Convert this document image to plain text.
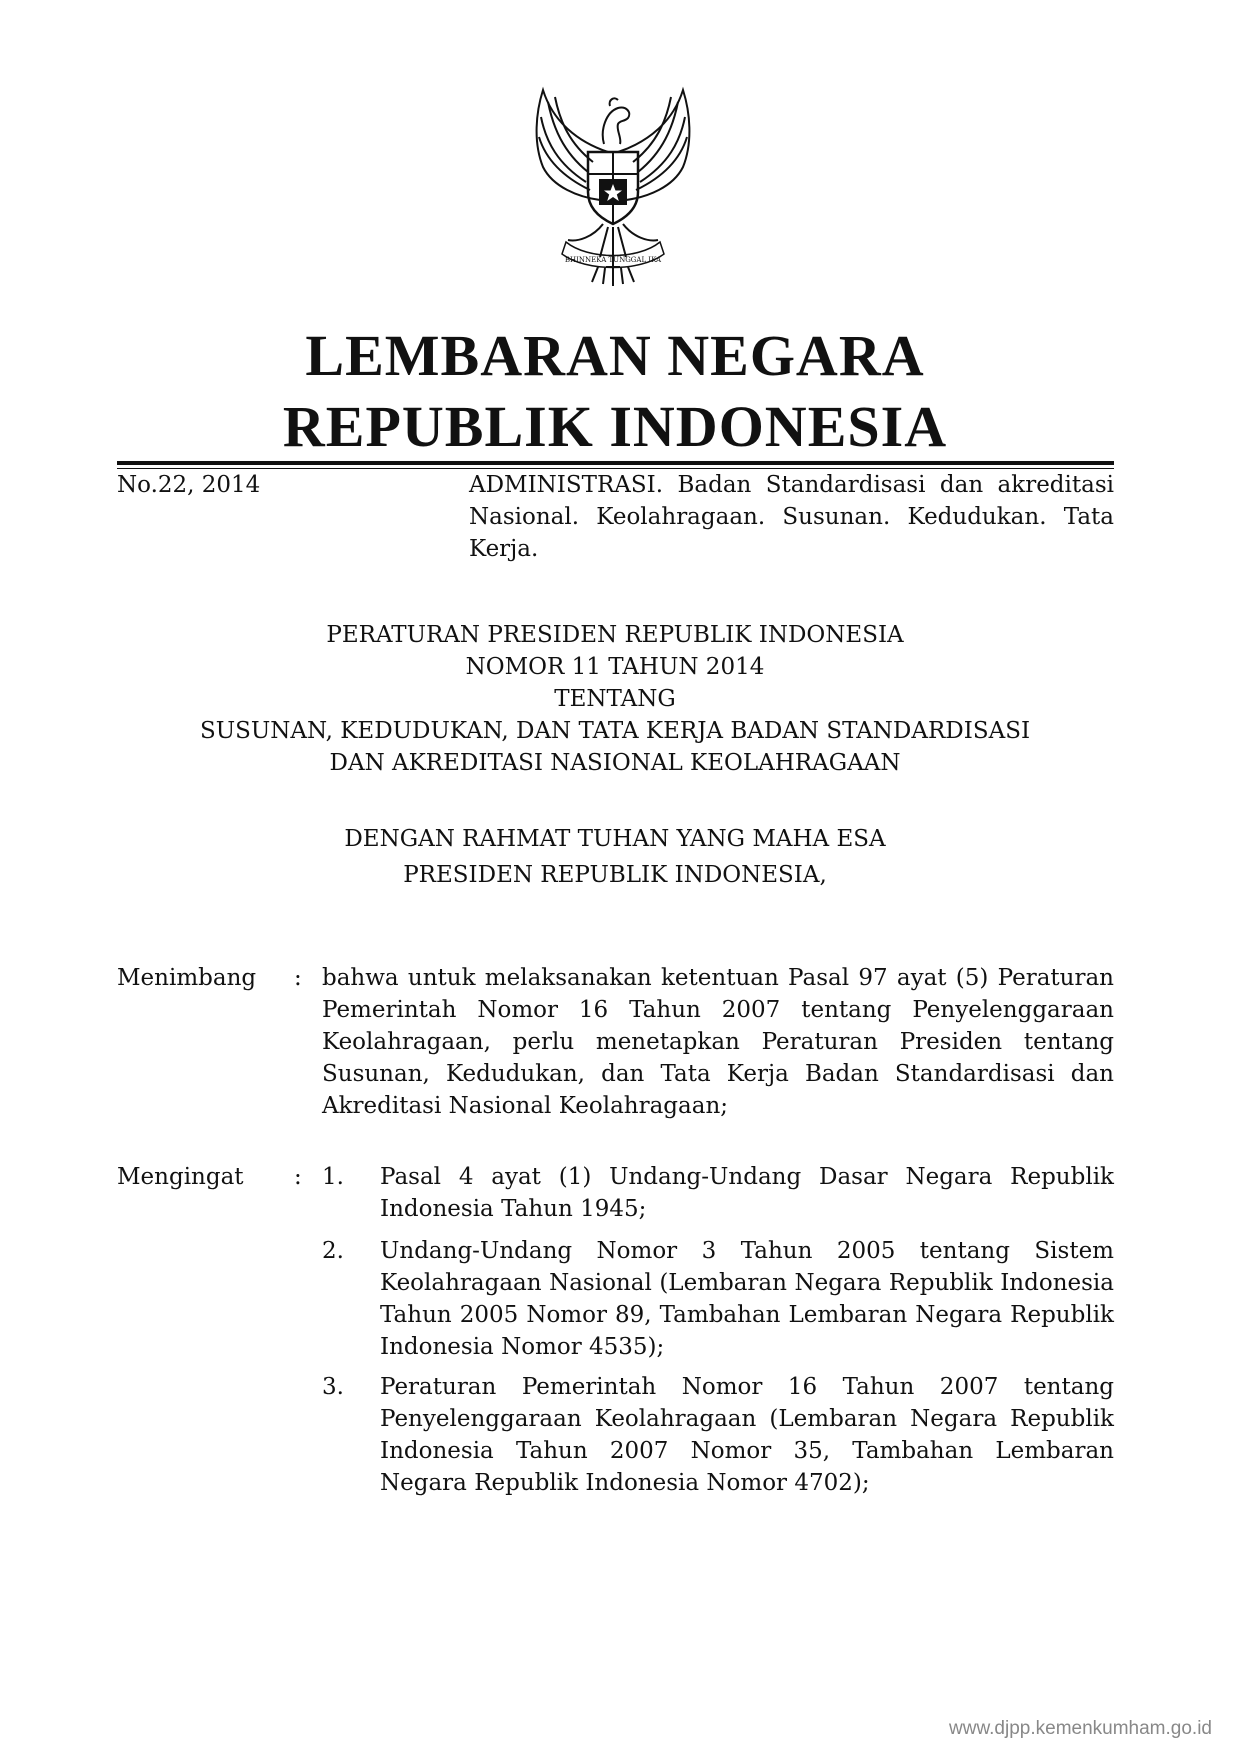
BHINNEKA TUNGGAL IKA
LEMBARAN NEGARA
REPUBLIK INDONESIA
No.22, 2014	ADMINISTRASI. Badan Standardisasi dan akreditasi Nasional. Keolahragaan. Susunan. Kedudukan. Tata Kerja.
PERATURAN PRESIDEN REPUBLIK INDONESIA
NOMOR 11 TAHUN 2014
TENTANG
SUSUNAN, KEDUDUKAN, DAN TATA KERJA BADAN STANDARDISASI
DAN AKREDITASI NASIONAL KEOLAHRAGAAN
DENGAN RAHMAT TUHAN YANG MAHA ESA
PRESIDEN REPUBLIK INDONESIA,
Menimbang : bahwa untuk melaksanakan ketentuan Pasal 97 ayat (5) Peraturan Pemerintah Nomor 16 Tahun 2007 tentang Penyelenggaraan Keolahragaan, perlu menetapkan Peraturan Presiden tentang Susunan, Kedudukan, dan Tata Kerja Badan Standardisasi dan Akreditasi Nasional Keolahragaan;
Mengingat : 1. Pasal 4 ayat (1) Undang-Undang Dasar Negara Republik Indonesia Tahun 1945;
2. Undang-Undang Nomor 3 Tahun 2005 tentang Sistem Keolahragaan Nasional (Lembaran Negara Republik Indonesia Tahun 2005 Nomor 89, Tambahan Lembaran Negara Republik Indonesia Nomor 4535);
3. Peraturan Pemerintah Nomor 16 Tahun 2007 tentang Penyelenggaraan Keolahragaan (Lembaran Negara Republik Indonesia Tahun 2007 Nomor 35, Tambahan Lembaran Negara Republik Indonesia Nomor 4702);
www.djpp.kemenkumham.go.id
